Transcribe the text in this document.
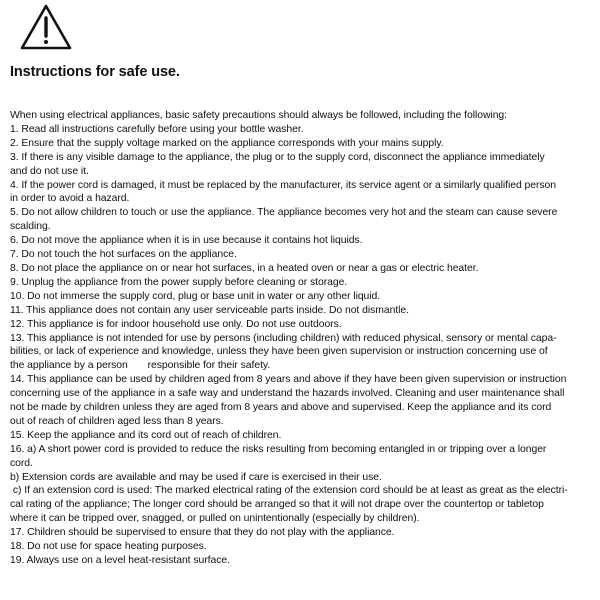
Instructions for safe use.
When using electrical appliances, basic safety precautions should always be followed, including the following:
1. Read all instructions carefully before using your bottle washer.
2. Ensure that the supply voltage marked on the appliance corresponds with your mains supply.
3. If there is any visible damage to the appliance, the plug or to the supply cord, disconnect the appliance immediately
and do not use it.
4. If the power cord is damaged, it must be replaced by the manufacturer, its service agent or a similarly qualified person
in order to avoid a hazard.
5. Do not allow children to touch or use the appliance. The appliance becomes very hot and the steam can cause severe
scalding.
6. Do not move the appliance when it is in use because it contains hot liquids.
7. Do not touch the hot surfaces on the appliance.
8. Do not place the appliance on or near hot surfaces, in a heated oven or near a gas or electric heater.
9. Unplug the appliance from the power supply before cleaning or storage.
10. Do not immerse the supply cord, plug or base unit in water or any other liquid.
11. This appliance does not contain any user serviceable parts inside. Do not dismantle.
12. This appliance is for indoor household use only. Do not use outdoors.
13. This appliance is not intended for use by persons (including children) with reduced physical, sensory or mental capa-
bilities, or lack of experience and knowledge, unless they have been given supervision or instruction concerning use of
the appliance by a person       responsible for their safety.
14. This appliance can be used by children aged from 8 years and above if they have been given supervision or instruction
concerning use of the appliance in a safe way and understand the hazards involved. Cleaning and user maintenance shall
not be made by children unless they are aged from 8 years and above and supervised. Keep the appliance and its cord
out of reach of children aged less than 8 years.
15. Keep the appliance and its cord out of reach of children.
16. a) A short power cord is provided to reduce the risks resulting from becoming entangled in or tripping over a longer
cord.
b) Extension cords are available and may be used if care is exercised in their use.
c) If an extension cord is used: The marked electrical rating of the extension cord should be at least as great as the electri-
cal rating of the appliance; The longer cord should be arranged so that it will not drape over the countertop or tabletop
where it can be tripped over, snagged, or pulled on unintentionally (especially by children).
17. Children should be supervised to ensure that they do not play with the appliance.
18. Do not use for space heating purposes.
19. Always use on a level heat-resistant surface.
